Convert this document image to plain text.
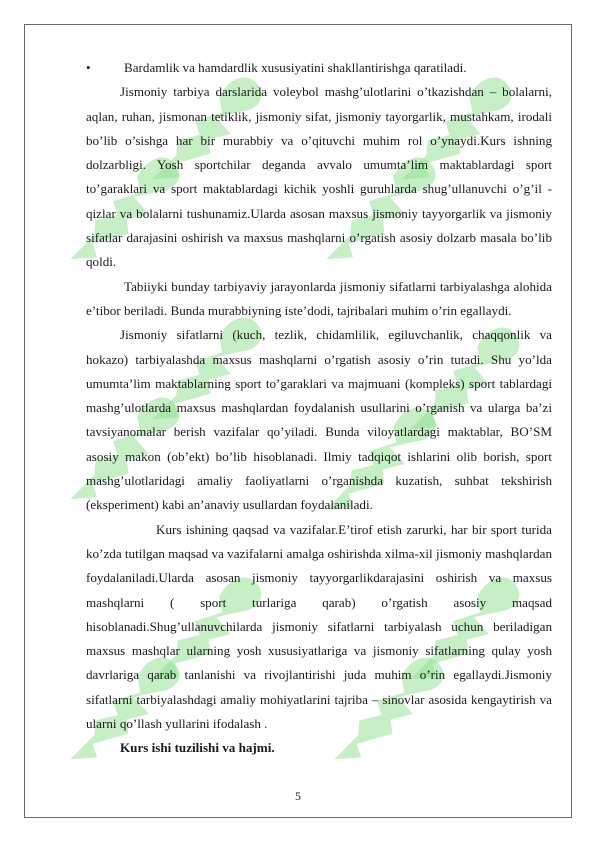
•	Bardamlik va hamdardlik xususiyatini shakllantirishga qaratiladi.

Jismoniy tarbiya darslarida voleybol mashg’ulotlarini o’tkazishdan – bolalarni, aqlan, ruhan, jismonan tetiklik, jismoniy sifat, jismoniy tayorgarlik, mustahkam, irodali bo’lib o’sishga har bir murabbiy va o’qituvchi muhim rol o’ynaydi.Kurs ishning dolzarbligi. Yosh sportchilar deganda avvalo umumta’lim maktablardagi sport to’garaklari va sport maktablardagi kichik yoshli guruhlarda shug’ullanuvchi o’g’il - qizlar va bolalarni tushunamiz.Ularda asosan maxsus jismoniy tayyorgarlik va jismoniy sifatlar darajasini oshirish va maxsus mashqlarni o’rgatish asosiy dolzarb masala bo’lib qoldi.

Tabiiyki bunday tarbiyaviy jarayonlarda jismoniy sifatlarni tarbiyalashga alohida e’tibor beriladi. Bunda murabbiyning iste’dodi, tajribalari muhim o’rin egallaydi.

Jismoniy sifatlarni (kuch, tezlik, chidamlilik, egiluvchanlik, chaqqonlik va hokazo) tarbiyalashda maxsus mashqlarni o’rgatish asosiy o’rin tutadi. Shu yo’lda umumta’lim maktablarning sport to’garaklari va majmuani (kompleks) sport tablardagi mashg’ulotlarda maxsus mashqlardan foydalanish usullarini o’rganish va ularga ba’zi tavsiyanomalar berish vazifalar qo’yiladi. Bunda viloyatlardagi maktablar, BO’SM asosiy makon (ob’ekt) bo’lib hisoblanadi. Ilmiy tadqiqot ishlarini olib borish, sport mashg’ulotlaridagi amaliy faoliyatlarni o’rganishda kuzatish, suhbat tekshirish (eksperiment) kabi an’anaviy usullardan foydalaniladi.

Kurs ishining qaqsad va vazifalar.E’tirof etish zarurki, har bir sport turida ko’zda tutilgan maqsad va vazifalarni amalga oshirishda xilma-xil jismoniy mashqlardan foydalaniladi.Ularda asosan jismoniy tayyorgarlikdarajasini oshirish va maxsus mashqlarni ( sport turlariga qarab) o’rgatish asosiy maqsad hisoblanadi.Shug’ullanuvchilarda jismoniy sifatlarni tarbiyalash uchun beriladigan maxsus mashqlar ularning yosh xususiyatlariga va jismoniy sifatlarning qulay yosh davrlariga qarab tanlanishi va rivojlantirishi juda muhim o’rin egallaydi.Jismoniy sifatlarni tarbiyalashdagi amaliy mohiyatlarini tajriba – sinovlar asosida kengaytirish va ularni qo’llash yullarini ifodalash .

Kurs ishi tuzilishi va hajmi.

5
